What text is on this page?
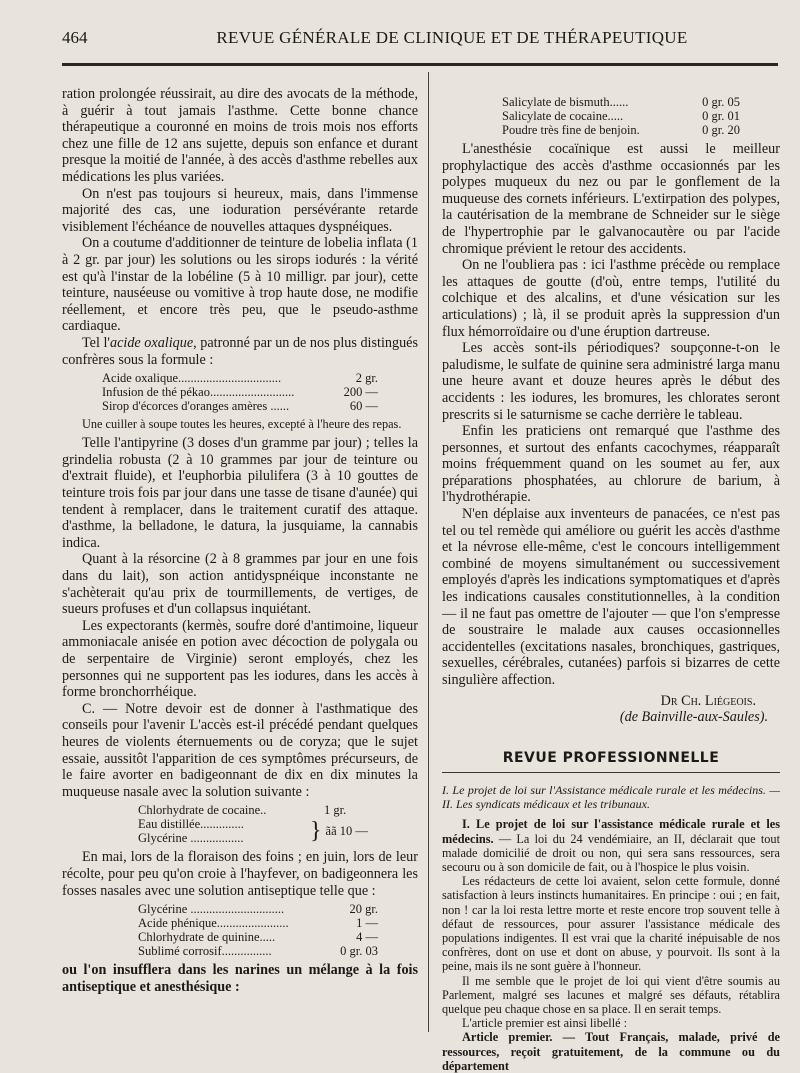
464	REVUE GÉNÉRALE DE CLINIQUE ET DE THÉRAPEUTIQUE

ration prolongée réussirait, au dire des avocats de la méthode, à guérir à tout jamais l'asthme. Cette bonne chance thérapeutique a couronné en moins de trois mois nos efforts chez une fille de 12 ans sujette, depuis son enfance et durant presque la moitié de l'année, à des accès d'asthme rebelles aux médications les plus variées.

On n'est pas toujours si heureux, mais, dans l'immense majorité des cas, une ioduration persévérante retarde visiblement l'échéance de nouvelles attaques dyspnéiques.

On a coutume d'additionner de teinture de lobelia inflata (1 à 2 gr. par jour) les solutions ou les sirops iodurés : la vérité est qu'à l'instar de la lobéline (5 à 10 milligr. par jour), cette teinture, nauséeuse ou vomitive à trop haute dose, ne modifie réellement, et encore très peu, que le pseudo-asthme cardiaque.

Tel l'acide oxalique, patronné par un de nos plus distingués confrères sous la formule :

Acide oxalique.................................	2 gr.
Infusion de thé pékao...........................	200 —
Sirop d'écorces d'oranges amères ......	60 —

Une cuiller à soupe toutes les heures, excepté à l'heure des repas.

Telle l'antipyrine (3 doses d'un gramme par jour) ; telles la grindelia robusta (2 à 10 grammes par jour de teinture ou d'extrait fluide), et l'euphorbia pilulifera (3 à 10 gouttes de teinture trois fois par jour dans une tasse de tisane d'aunée) qui tendent à remplacer, dans le traitement curatif des attaque. d'asthme, la belladone, le datura, la jusquiame, la cannabis indica.

Quant à la résorcine (2 à 8 grammes par jour en une fois dans du lait), son action antidyspnéique inconstante ne s'achèterait qu'au prix de tourmillements, de vertiges, de sueurs profuses et d'un collapsus inquiétant.

Les expectorants (kermès, soufre doré d'antimoine, liqueur ammoniacale anisée en potion avec décoction de polygala ou de serpentaire de Virginie) seront employés, chez les personnes qui ne supportent pas les iodures, dans les accès à forme bronchorrhéique.

C. — Notre devoir est de donner à l'asthmatique des conseils pour l'avenir L'accès est-il précédé pendant quelques heures de violents éternuements ou de coryza; que le sujet essaie, aussitôt l'apparition de ces symptômes précurseurs, de le faire avorter en badigeonnant de dix en dix minutes la muqueuse nasale avec la solution suivante :

Chlorhydrate de cocaine..	1 gr.
Eau distillée..............
Glycérine .................	} ãã 10 —

En mai, lors de la floraison des foins ; en juin, lors de leur récolte, pour peu qu'on croie à l'hayfever, on badigeonnera les fosses nasales avec une solution antiseptique telle que :

Glycérine ..............................	20 gr.
Acide phénique.......................	1 —
Chlorhydrate de quinine.....	4 —
Sublimé corrosif................	0 gr. 03

ou l'on insufflera dans les narines un mélange à la fois antiseptique et anesthésique :

Salicylate de bismuth......	0 gr. 05
Salicylate de cocaine.....	0 gr. 01
Poudre très fine de benjoin.	0 gr. 20

L'anesthésie cocaïnique est aussi le meilleur prophylactique des accès d'asthme occasionnés par les polypes muqueux du nez ou par le gonflement de la muqueuse des cornets inférieurs. L'extirpation des polypes, la cautérisation de la membrane de Schneider sur le siège de l'hypertrophie par le galvanocautère ou par l'acide chromique prévient le retour des accidents.

On ne l'oubliera pas : ici l'asthme précède ou remplace les attaques de goutte (d'où, entre temps, l'utilité du colchique et des alcalins, et d'une vésication sur les articulations) ; là, il se produit après la suppression d'un flux hémorroïdaire ou d'une éruption dartreuse.

Les accès sont-ils périodiques? soupçonne-t-on le paludisme, le sulfate de quinine sera administré larga manu une heure avant et douze heures après le début des accidents : les iodures, les bromures, les chlorates seront prescrits si le saturnisme se cache derrière le tableau.

Enfin les praticiens ont remarqué que l'asthme des personnes, et surtout des enfants cacochymes, réapparaît moins fréquemment quand on les soumet au fer, aux préparations phosphatées, au chlorure de barium, à l'hydrothérapie.

N'en déplaise aux inventeurs de panacées, ce n'est pas tel ou tel remède qui améliore ou guérit les accès d'asthme et la névrose elle-même, c'est le concours intelligemment combiné de moyens simultanément ou successivement employés d'après les indications symptomatiques et d'après les indications causales constitutionnelles, à la condition — il ne faut pas omettre de l'ajouter — que l'on s'empresse de soustraire le malade aux causes occasionnelles accidentelles (excitations nasales, bronchiques, gastriques, sexuelles, cérébrales, cutanées) parfois si bizarres de cette singulière affection.

Dr Ch. Liégeois.
(de Bainville-aux-Saules).
REVUE PROFESSIONNELLE

I. Le projet de loi sur l'Assistance médicale rurale et les médecins. — II. Les syndicats médicaux et les tribunaux.

I. Le projet de loi sur l'assistance médicale rurale et les médecins. — La loi du 24 vendémiaire, an II, déclarait que tout malade domicilié de droit ou non, qui sera sans ressources, sera secouru ou à son domicile de fait, ou à l'hospice le plus voisin.

Les rédacteurs de cette loi avaient, selon cette formule, donné satisfaction à leurs instincts humanitaires. En principe : oui ; en fait, non ! car la loi resta lettre morte et reste encore trop souvent telle à défaut de ressources, pour assurer l'assistance médicale des populations indigentes. Il est vrai que la charité inépuisable de nos confrères, dont on use et dont on abuse, y pourvoit. Ils sont à la peine, mais ils ne sont guère à l'honneur.

Il me semble que le projet de loi qui vient d'être soumis au Parlement, malgré ses lacunes et malgré ses défauts, rétablira quelque peu chaque chose en sa place. Il en serait temps.

L'article premier est ainsi libellé :

Article premier. — Tout Français, malade, privé de ressources, reçoit gratuitement, de la commune ou du département
